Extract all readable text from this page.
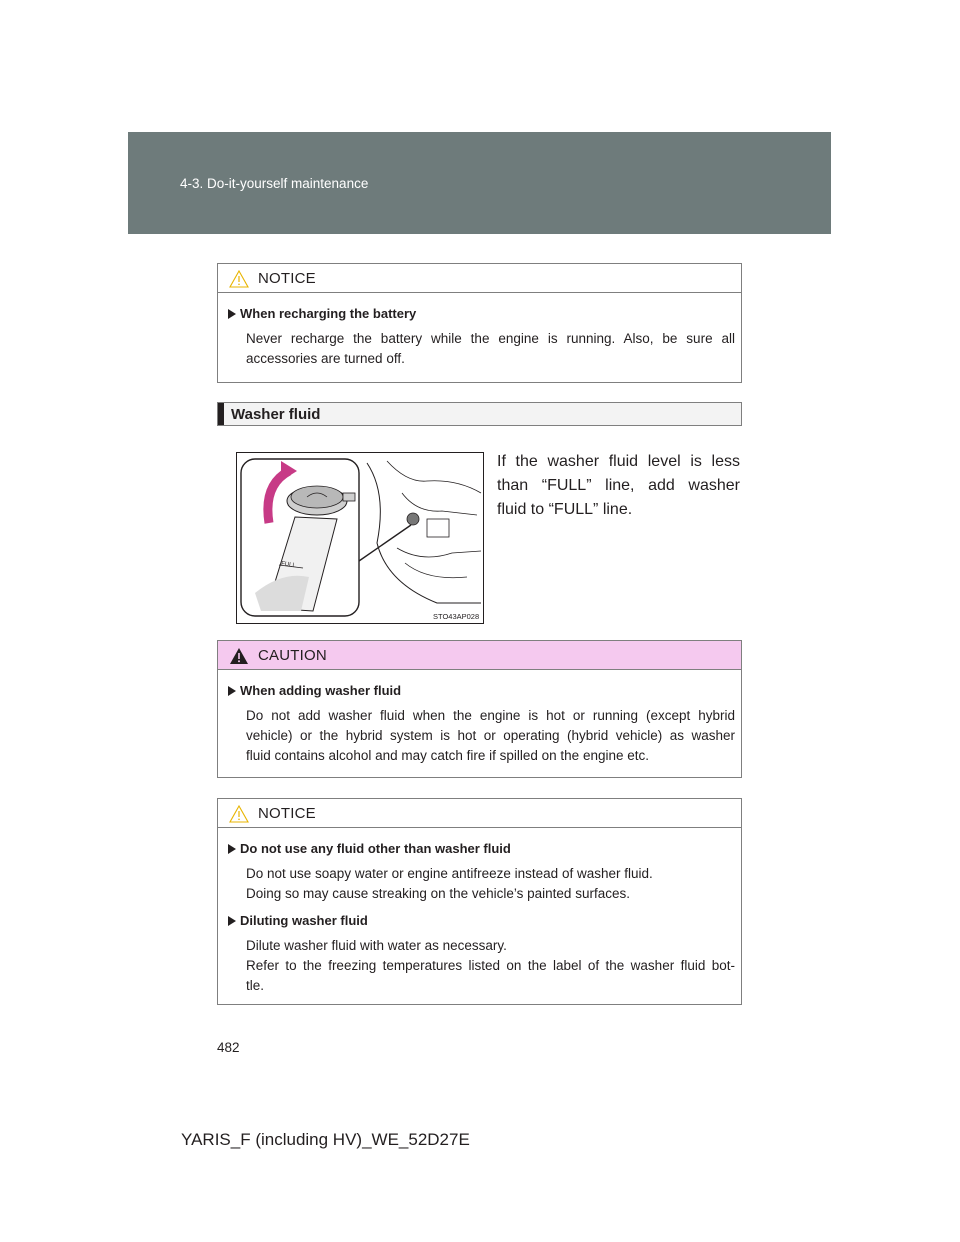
4-3. Do-it-yourself maintenance
NOTICE

When recharging the battery

Never recharge the battery while the engine is running. Also, be sure all
accessories are turned off.
Washer fluid
FULL
STO43AP028
If the washer fluid level is less
than “FULL” line, add washer
fluid to “FULL” line.
CAUTION

When adding washer fluid

Do not add washer fluid when the engine is hot or running (except hybrid
vehicle) or the hybrid system is hot or operating (hybrid vehicle) as washer
fluid contains alcohol and may catch fire if spilled on the engine etc.
NOTICE

Do not use any fluid other than washer fluid

Do not use soapy water or engine antifreeze instead of washer fluid.
Doing so may cause streaking on the vehicle’s painted surfaces.

Diluting washer fluid

Dilute washer fluid with water as necessary.
Refer to the freezing temperatures listed on the label of the washer fluid bot-
tle.
482
YARIS_F (including HV)_WE_52D27E
